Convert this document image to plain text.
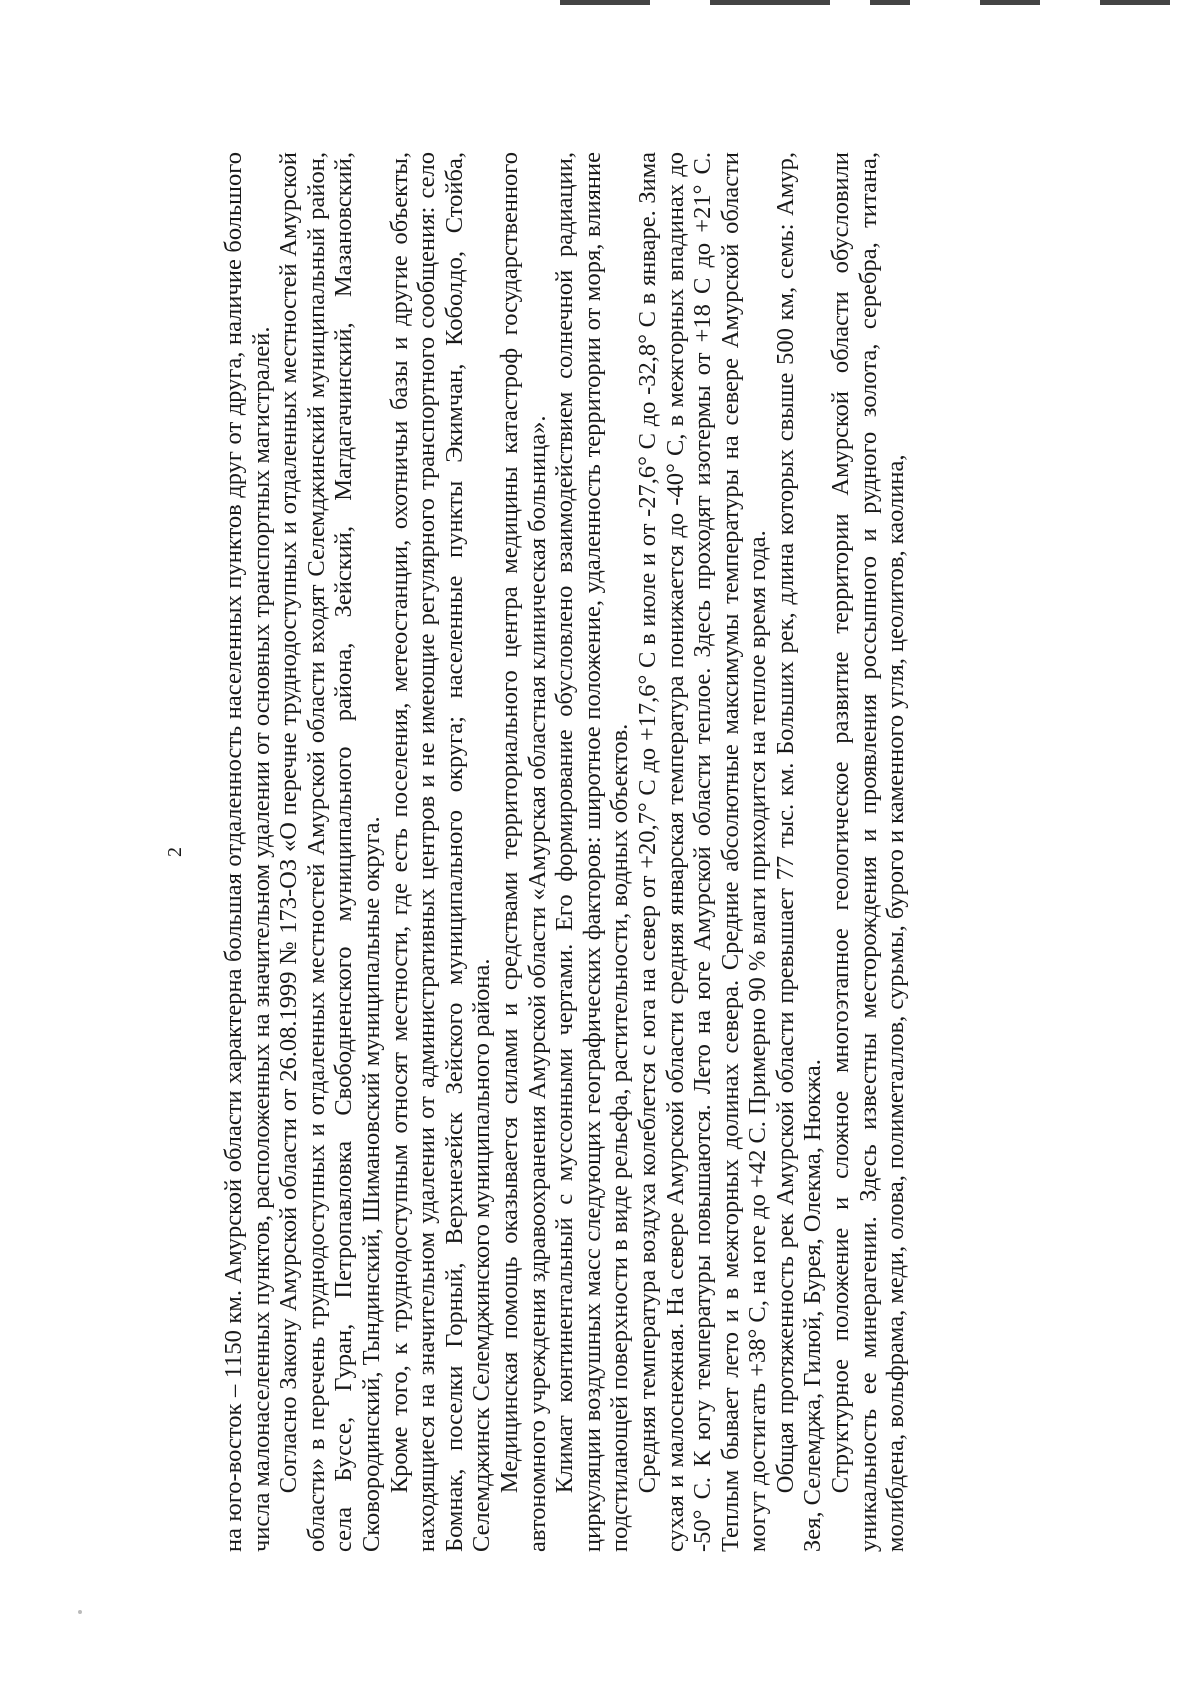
2 на юго-восток – 1150 км. Амурской области характерна большая отдаленность населенных пунктов друг от друга, наличие большого числа малонаселенных пунктов, расположенных на значительном удалении от основных транспортных магистралей. Согласно Закону Амурской области от 26.08.1999 № 173-ОЗ «О перечне труднодоступных и отдаленных местностей Амурской области» в перечень труднодоступных и отдаленных местностей Амурской области входят Селемджинский муниципальный район, села Буссе, Гуран, Петропавловка Свободненского муниципального района, Зейский, Магдагачинский, Мазановский, Сковородинский, Тындинский, Шимановский муниципальные округа. Кроме того, к труднодоступным относят местности, где есть поселения, метеостанции, охотничьи базы и другие объекты, находящиеся на значительном удалении от административных центров и не имеющие регулярного транспортного сообщения: село Бомнак, поселки Горный, Верхнезейск Зейского муниципального округа; населенные пункты Экимчан, Коболдо, Стойба, Селемджинск Селемджинского муниципального района. Медицинская помощь оказывается силами и средствами территориального центра медицины катастроф государственного автономного учреждения здравоохранения Амурской области «Амурская областная клиническая больница». Климат континентальный с муссонными чертами. Его формирование обусловлено взаимодействием солнечной радиации, циркуляции воздушных масс следующих географических факторов: широтное положение, удаленность территории от моря, влияние подстилающей поверхности в виде рельефа, растительности, водных объектов. Средняя температура воздуха колеблется с юга на север от +20,7° С до +17,6° С в июле и от -27,6° С до -32,8° С в январе. Зима сухая и малоснежная. На севере Амурской области средняя январская температура понижается до -40° С, в межгорных впадинах до -50° С. К югу температуры повышаются. Лето на юге Амурской области теплое. Здесь проходят изотермы от +18 С до +21° С. Теплым бывает лето и в межгорных долинах севера. Средние абсолютные максимумы температуры на севере Амурской области могут достигать +38° С, на юге до +42 С. Примерно 90 % влаги приходится на теплое время года. Общая протяженность рек Амурской области превышает 77 тыс. км. Больших рек, длина которых свыше 500 км, семь: Амур, Зея, Селемджа, Гилюй, Бурея, Олекма, Нюкжа. Структурное положение и сложное многоэтапное геологическое развитие территории Амурской области обусловили уникальность ее минерагении. Здесь известны месторождения и проявления россыпного и рудного золота, серебра, титана, молибдена, вольфрама, меди, олова, полиметаллов, сурьмы, бурого и каменного угля, цеолитов, каолина,
